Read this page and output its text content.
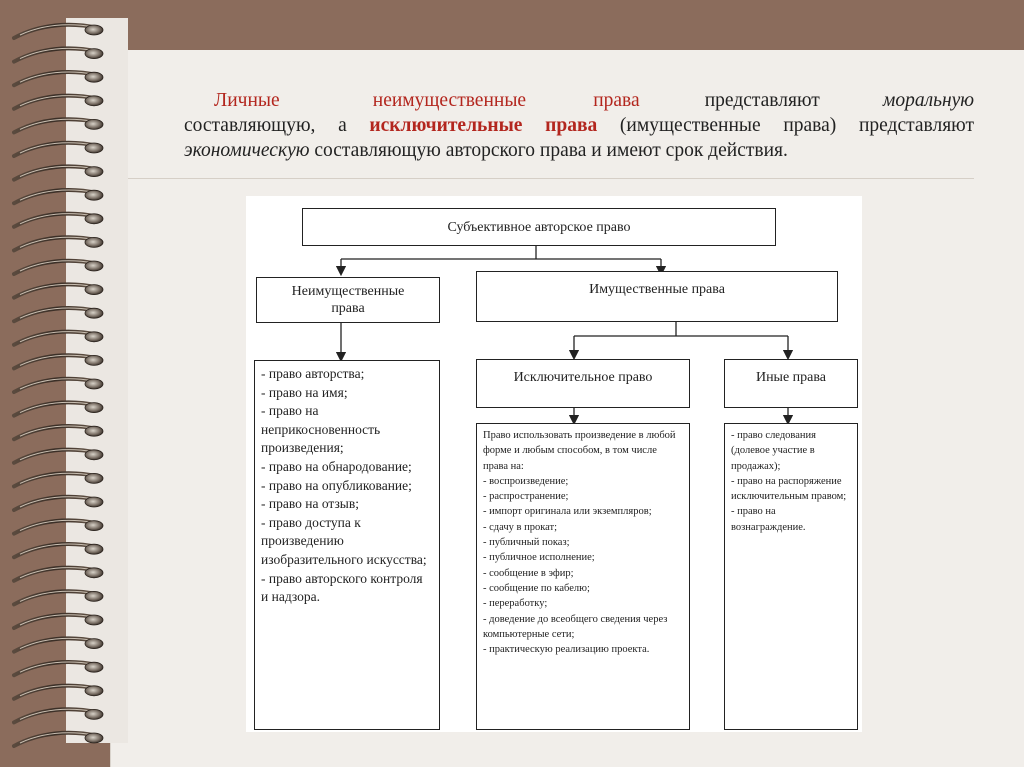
Личные	неимущественные	права	представляют	моральную составляющую, а исключительные права (имущественные права) представляют экономическую составляющую авторского права и имеют срок действия.
Субъективное авторское право
Неимущественные права
Имущественные права
Исключительное право	Иные права
- право авторства;
- право на имя;
- право на неприкосновенность произведения;
- право на обнародование;
- право на опубликование;
- право на отзыв;
- право доступа к произведению изобразительного искусства;
- право авторского контроля и надзора.
Право использовать произведение в любой форме и любым способом, в том числе права на:
- воспроизведение;
- распространение;
- импорт оригинала или экземпляров;
- сдачу в прокат;
- публичный показ;
- публичное исполнение;
- сообщение в эфир;
- сообщение по кабелю;
- переработку;
- доведение до всеобщего сведения через компьютерные сети;
- практическую реализацию проекта.
- право следования (долевое участие в продажах);
- право на распоряжение исключительным правом;
- право на вознаграждение.
